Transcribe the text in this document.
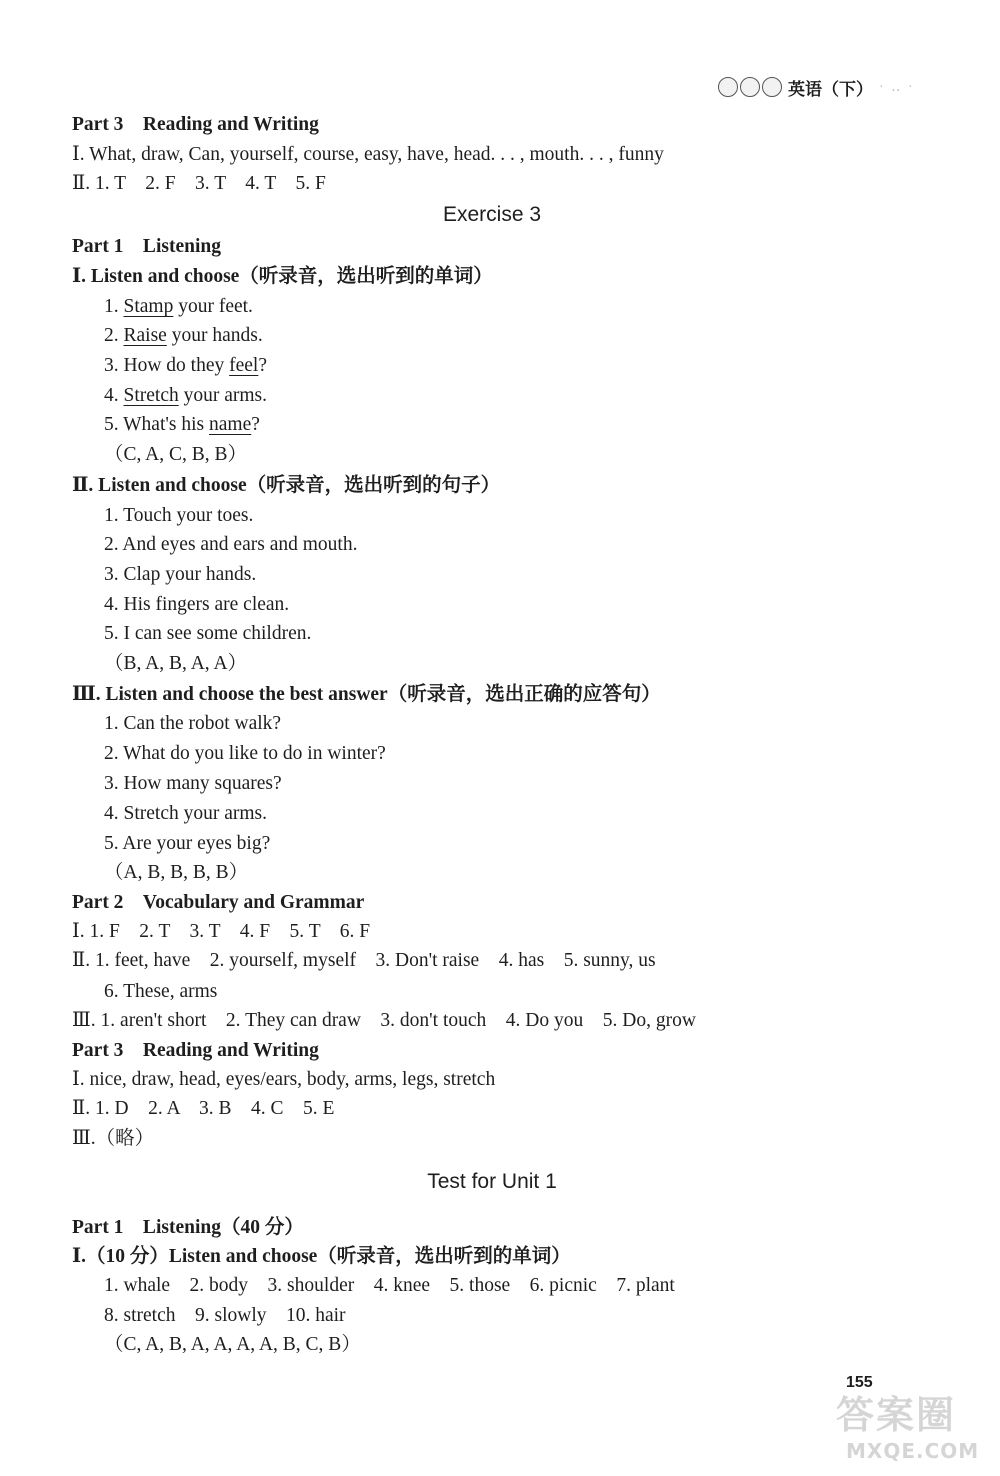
英语（下） · ‥ ·
Part 3　Reading and Writing
Ⅰ. What, draw, Can, yourself, course, easy, have, head. . . , mouth. . . , funny
Ⅱ. 1. T　2. F　3. T　4. T　5. F
Exercise 3
Part 1　Listening
Ⅰ. Listen and choose（听录音，选出听到的单词）
1. Stamp your feet.
2. Raise your hands.
3. How do they feel?
4. Stretch your arms.
5. What's his name?
（C, A, C, B, B）
Ⅱ. Listen and choose（听录音，选出听到的句子）
1. Touch your toes.
2. And eyes and ears and mouth.
3. Clap your hands.
4. His fingers are clean.
5. I can see some children.
（B, A, B, A, A）
Ⅲ. Listen and choose the best answer（听录音，选出正确的应答句）
1. Can the robot walk?
2. What do you like to do in winter?
3. How many squares?
4. Stretch your arms.
5. Are your eyes big?
（A, B, B, B, B）
Part 2　Vocabulary and Grammar
Ⅰ. 1. F　2. T　3. T　4. F　5. T　6. F
Ⅱ. 1. feet, have　2. yourself, myself　3. Don't raise　4. has　5. sunny, us
6. These, arms
Ⅲ. 1. aren't short　2. They can draw　3. don't touch　4. Do you　5. Do, grow
Part 3　Reading and Writing
Ⅰ. nice, draw, head, eyes/ears, body, arms, legs, stretch
Ⅱ. 1. D　2. A　3. B　4. C　5. E
Ⅲ.（略）
Test for Unit 1
Part 1　Listening（40 分）
Ⅰ.（10 分）Listen and choose（听录音，选出听到的单词）
1. whale　2. body　3. shoulder　4. knee　5. those　6. picnic　7. plant
8. stretch　9. slowly　10. hair
（C, A, B, A, A, A, A, B, C, B）
155
答案圈
MXQE.COM
